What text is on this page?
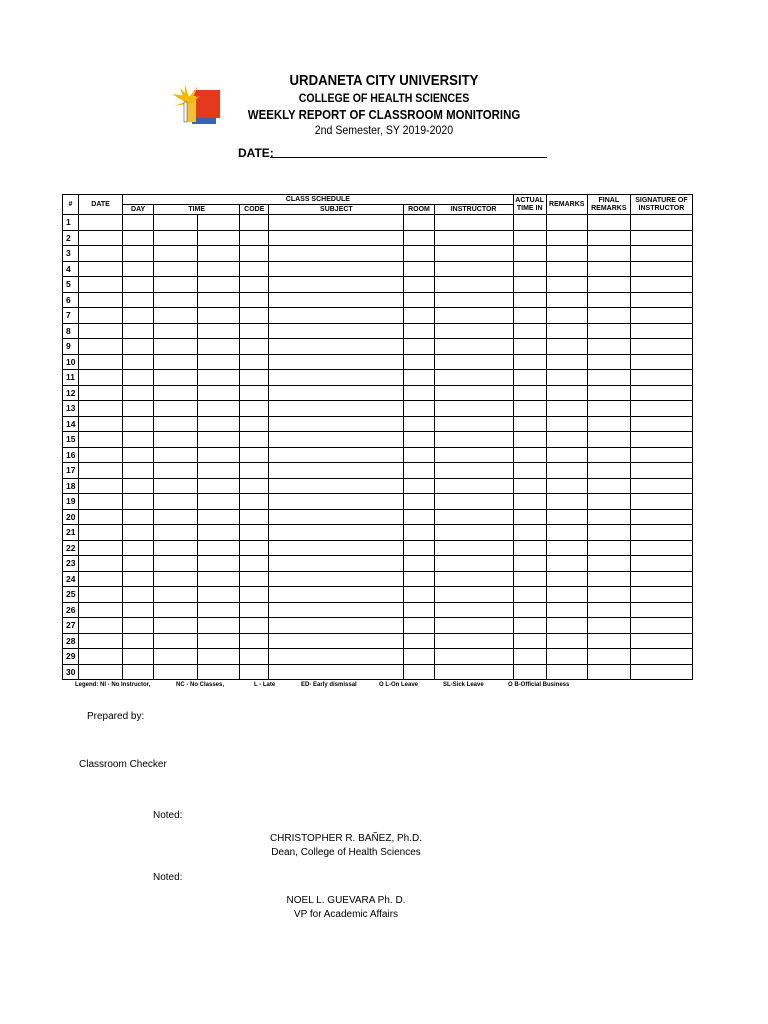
URDANETA CITY UNIVERSITY
COLLEGE OF HEALTH SCIENCES
WEEKLY REPORT OF CLASSROOM MONITORING
2nd Semester, SY 2019-2020
DATE:
#	DATE	CLASS SCHEDULE							ACTUAL TIME IN	REMARKS	FINAL REMARKS	SIGNATURE OF INSTRUCTOR
		DAY	TIME		CODE	SUBJECT	ROOM	INSTRUCTOR				
1												
2												
3												
4												
5												
6												
7												
8												
9												
10												
11												
12												
13												
14												
15												
16												
17												
18												
19												
20												
21												
22												
23												
24												
25												
26												
27												
28												
29												
30												
Legend: NI - No Instructor,	NC - No Classes,	L - Late	ED- Early dismissal	O L-On Leave	SL-Sick Leave	O B-Official Business
Prepared by:
Classroom Checker
Noted:
CHRISTOPHER R. BAÑEZ, Ph.D.
Dean, College of Health Sciences
Noted:
NOEL L. GUEVARA Ph. D.
VP for Academic Affairs
